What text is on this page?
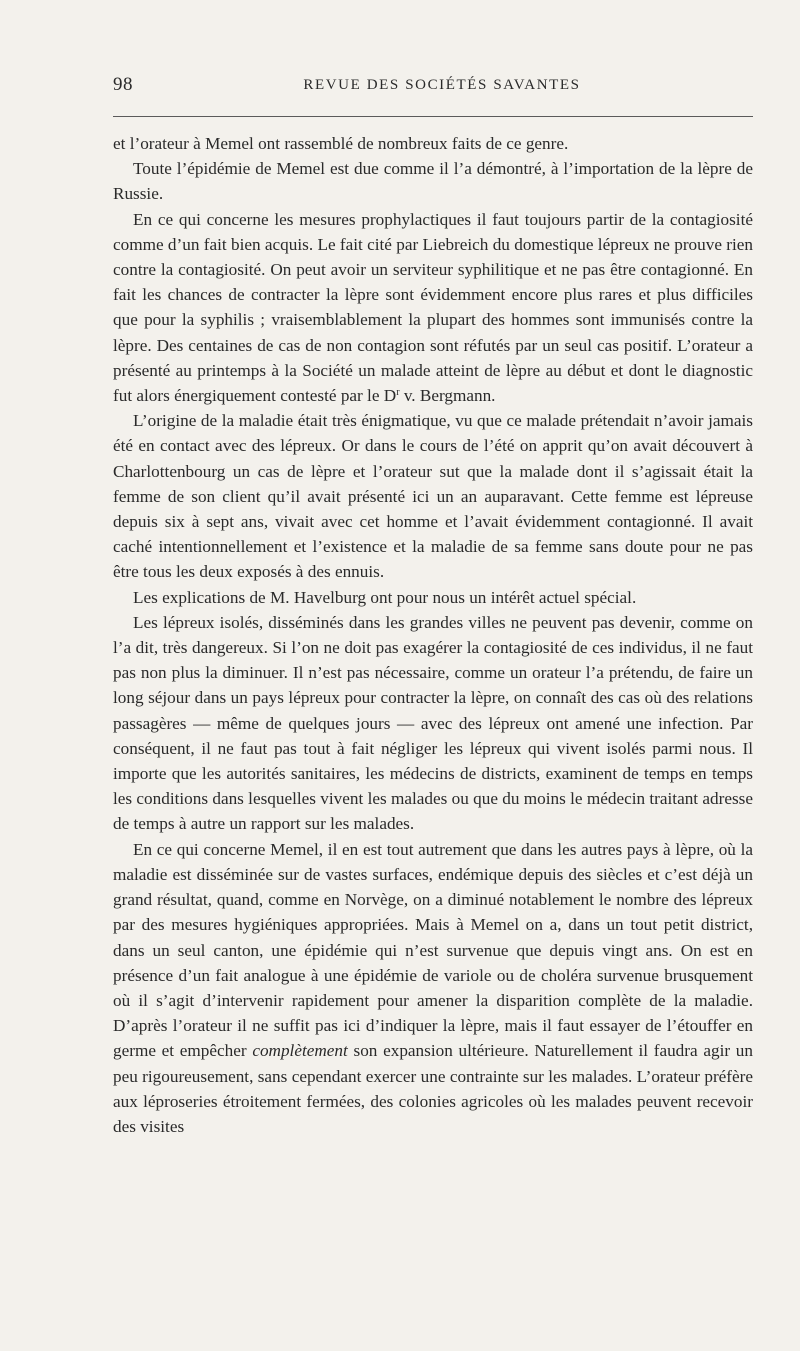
98	REVUE DES SOCIÉTÉS SAVANTES

et l’orateur à Memel ont rassemblé de nombreux faits de ce genre.

Toute l’épidémie de Memel est due comme il l’a démontré, à l’importation de la lèpre de Russie.

En ce qui concerne les mesures prophylactiques il faut toujours partir de la contagiosité comme d’un fait bien acquis. Le fait cité par Liebreich du domestique lépreux ne prouve rien contre la contagiosité. On peut avoir un serviteur syphilitique et ne pas être contagionné. En fait les chances de contracter la lèpre sont évidemment encore plus rares et plus difficiles que pour la syphilis ; vraisemblablement la plupart des hommes sont immunisés contre la lèpre. Des centaines de cas de non contagion sont réfutés par un seul cas positif. L’orateur a présenté au printemps à la Société un malade atteint de lèpre au début et dont le diagnostic fut alors énergiquement contesté par le $D^r$ v. Bergmann.

L’origine de la maladie était très énigmatique, vu que ce malade prétendait n’avoir jamais été en contact avec des lépreux. Or dans le cours de l’été on apprit qu’on avait découvert à Charlottenbourg un cas de lèpre et l’orateur sut que la malade dont il s’agissait était la femme de son client qu’il avait présenté ici un an auparavant. Cette femme est lépreuse depuis six à sept ans, vivait avec cet homme et l’avait évidemment contagionné. Il avait caché intentionnellement et l’existence et la maladie de sa femme sans doute pour ne pas être tous les deux exposés à des ennuis.

Les explications de M. Havelburg ont pour nous un intérêt actuel spécial.

Les lépreux isolés, disséminés dans les grandes villes ne peuvent pas devenir, comme on l’a dit, très dangereux. Si l’on ne doit pas exagérer la contagiosité de ces individus, il ne faut pas non plus la diminuer. Il n’est pas nécessaire, comme un orateur l’a prétendu, de faire un long séjour dans un pays lépreux pour contracter la lèpre, on connaît des cas où des relations passagères — même de quelques jours — avec des lépreux ont amené une infection. Par conséquent, il ne faut pas tout à fait négliger les lépreux qui vivent isolés parmi nous. Il importe que les autorités sanitaires, les médecins de districts, examinent de temps en temps les conditions dans lesquelles vivent les malades ou que du moins le médecin traitant adresse de temps à autre un rapport sur les malades.

En ce qui concerne Memel, il en est tout autrement que dans les autres pays à lèpre, où la maladie est disséminée sur de vastes surfaces, endémique depuis des siècles et c’est déjà un grand résultat, quand, comme en Norvège, on a diminué notablement le nombre des lépreux par des mesures hygiéniques appropriées. Mais à Memel on a, dans un tout petit district, dans un seul canton, une épidémie qui n’est survenue que depuis vingt ans. On est en présence d’un fait analogue à une épidémie de variole ou de choléra survenue brusquement où il s’agit d’intervenir rapidement pour amener la disparition complète de la maladie. D’après l’orateur il ne suffit pas ici d’indiquer la lèpre, mais il faut essayer de l’étouffer en germe et empêcher complètement son expansion ultérieure. Naturellement il faudra agir un peu rigoureusement, sans cependant exercer une contrainte sur les malades. L’orateur préfère aux léproseries étroitement fermées, des colonies agricoles où les malades peuvent recevoir des visites
